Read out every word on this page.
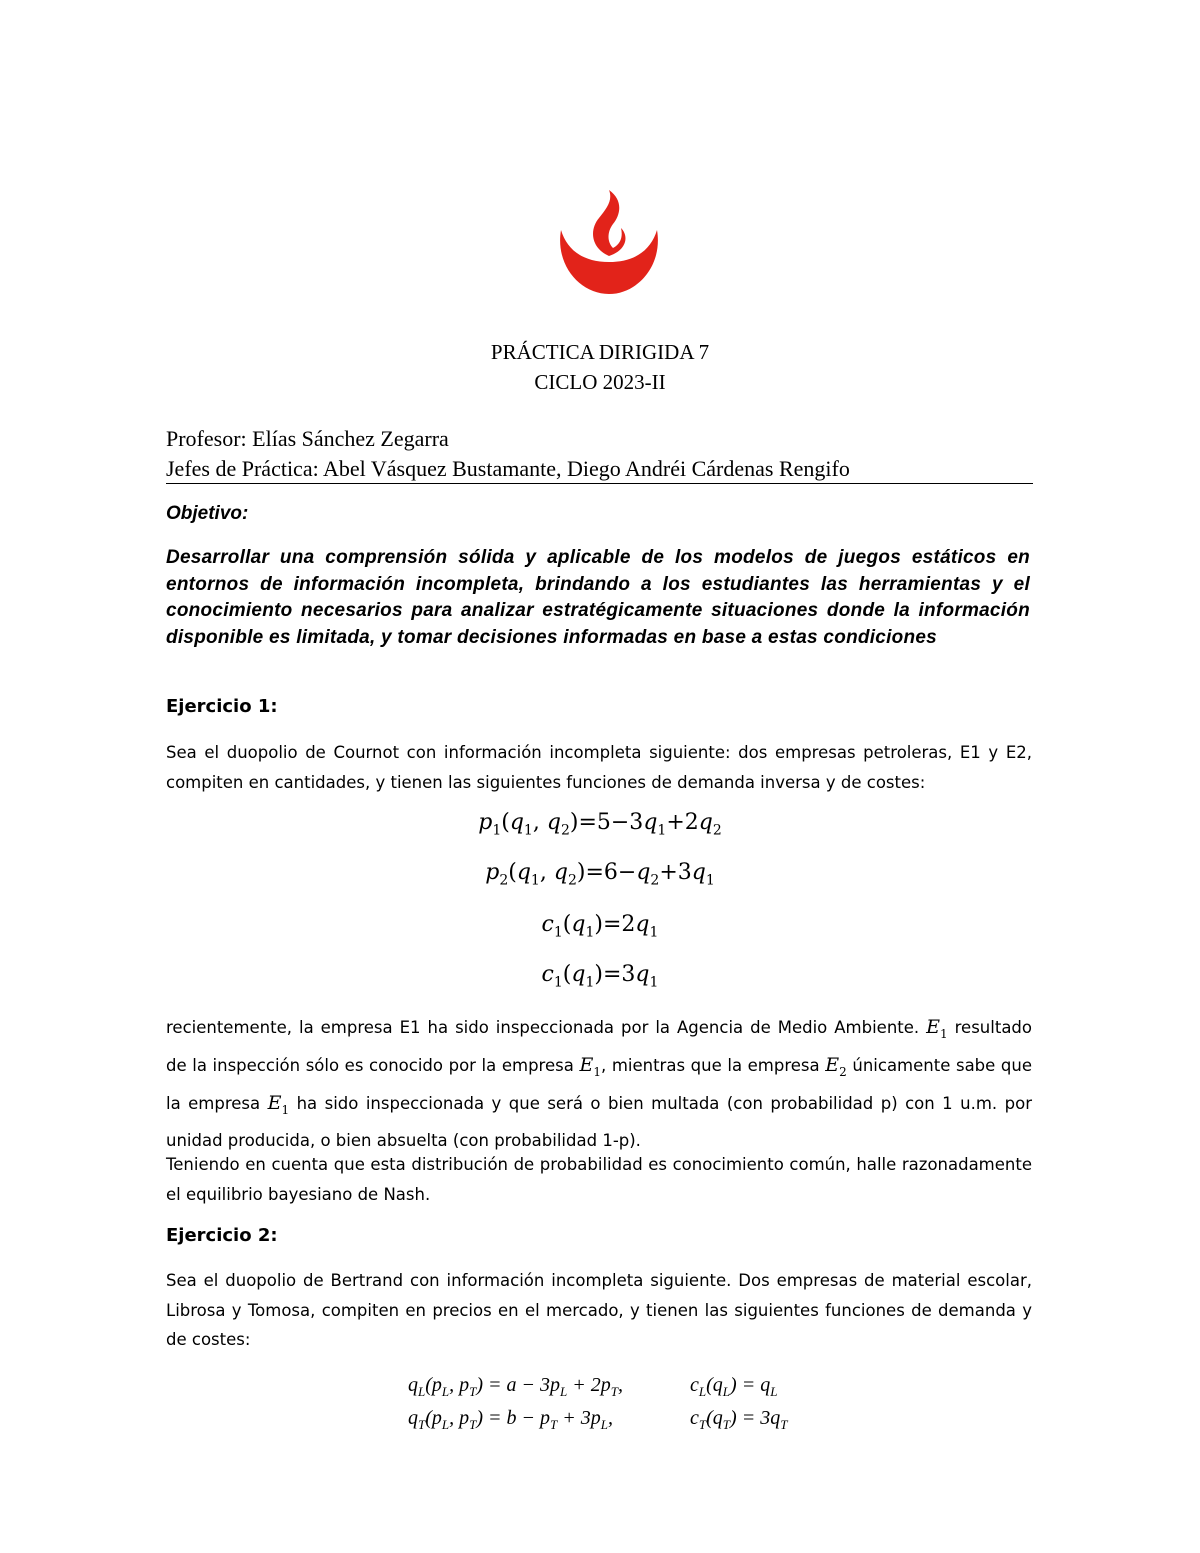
PRÁCTICA DIRIGIDA 7
CICLO 2023-II
Profesor: Elías Sánchez Zegarra
Jefes de Práctica: Abel Vásquez Bustamante, Diego Andréi Cárdenas Rengifo
Objetivo:
Desarrollar una comprensión sólida y aplicable de los modelos de juegos estáticos en entornos de información incompleta, brindando a los estudiantes las herramientas y el conocimiento necesarios para analizar estratégicamente situaciones donde la información disponible es limitada, y tomar decisiones informadas en base a estas condiciones
Ejercicio 1:
Sea el duopolio de Cournot con información incompleta siguiente: dos empresas petroleras, E1 y E2, compiten en cantidades, y tienen las siguientes funciones de demanda inversa y de costes:
$p_1(q_1$, $q_2)=5-3q_1+2q_2$
$p_2(q_1$, $q_2)=6-q_2+3q_1$
$c_1(q_1)=2q_1$
$c_1(q_1)=3q_1$
recientemente, la empresa E1 ha sido inspeccionada por la Agencia de Medio Ambiente. $E_1$ resultado de la inspección sólo es conocido por la empresa $E_1$, mientras que la empresa $E_2$ únicamente sabe que la empresa $E_1$ ha sido inspeccionada y que será o bien multada (con probabilidad p) con 1 u.m. por unidad producida, o bien absuelta (con probabilidad 1-p).
Teniendo en cuenta que esta distribución de probabilidad es conocimiento común, halle razonadamente el equilibrio bayesiano de Nash.
Ejercicio 2:
Sea el duopolio de Bertrand con información incompleta siguiente. Dos empresas de material escolar, Librosa y Tomosa, compiten en precios en el mercado, y tienen las siguientes funciones de demanda y de costes:
$q_L(p_L$, $p_T) = a - 3p_L + 2p_T$,
$q_T(p_L$, $p_T) = b - p_T + 3p_L$,
$c_L(q_L) = q_L$
$c_T(q_T) = 3q_T$
